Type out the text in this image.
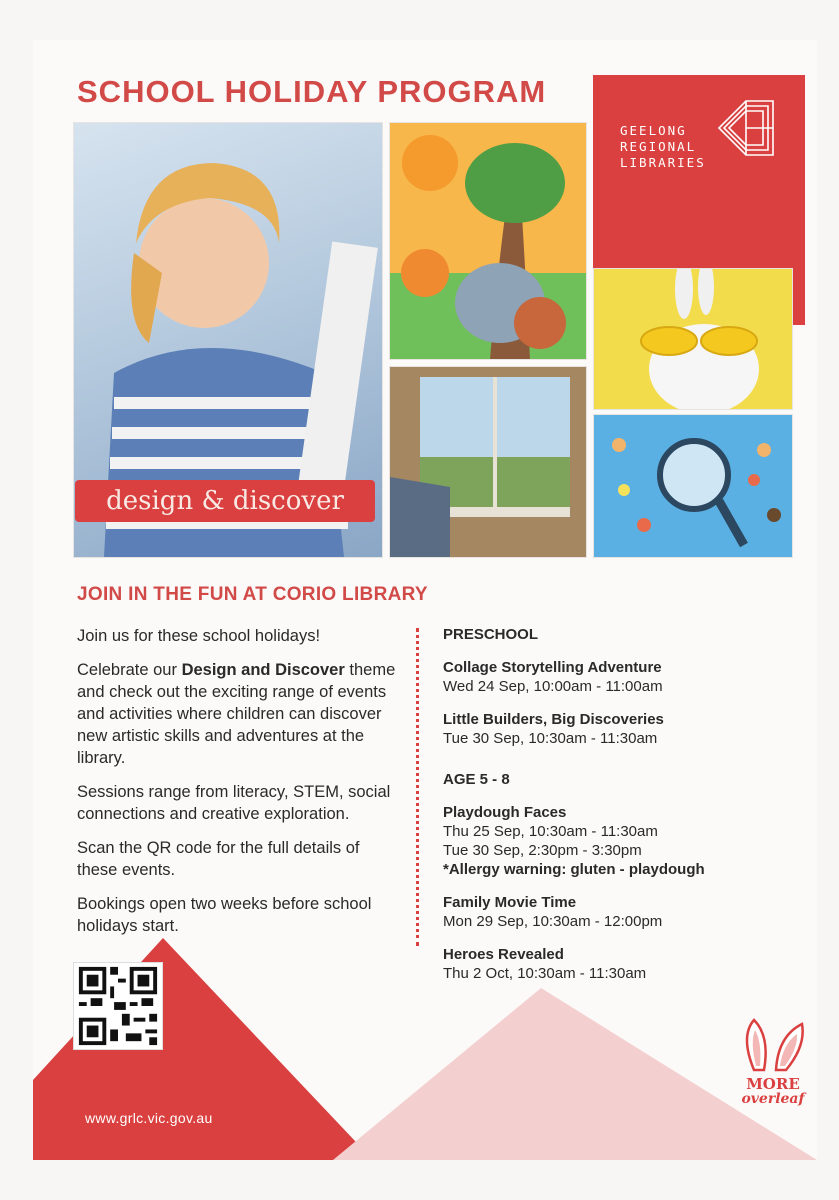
SCHOOL HOLIDAY PROGRAM
GEELONG
REGIONAL
LIBRARIES
design & discover
JOIN IN THE FUN AT CORIO LIBRARY

Join us for these school holidays!

Celebrate our Design and Discover theme and check out the exciting range of events and activities where children can discover new artistic skills and adventures at the library.

Sessions range from literacy, STEM, social connections and creative exploration.

Scan the QR code for the full details of these events.

Bookings open two weeks before school holidays start.

PRESCHOOL
Collage Storytelling Adventure
Wed 24 Sep, 10:00am - 11:00am
Little Builders, Big Discoveries
Tue 30 Sep, 10:30am - 11:30am
AGE 5 - 8
Playdough Faces
Thu 25 Sep, 10:30am - 11:30am
Tue 30 Sep, 2:30pm - 3:30pm
*Allergy warning: gluten - playdough
Family Movie Time
Mon 29 Sep, 10:30am - 12:00pm
Heroes Revealed
Thu 2 Oct, 10:30am - 11:30am
www.grlc.vic.gov.au
MORE
overleaf
